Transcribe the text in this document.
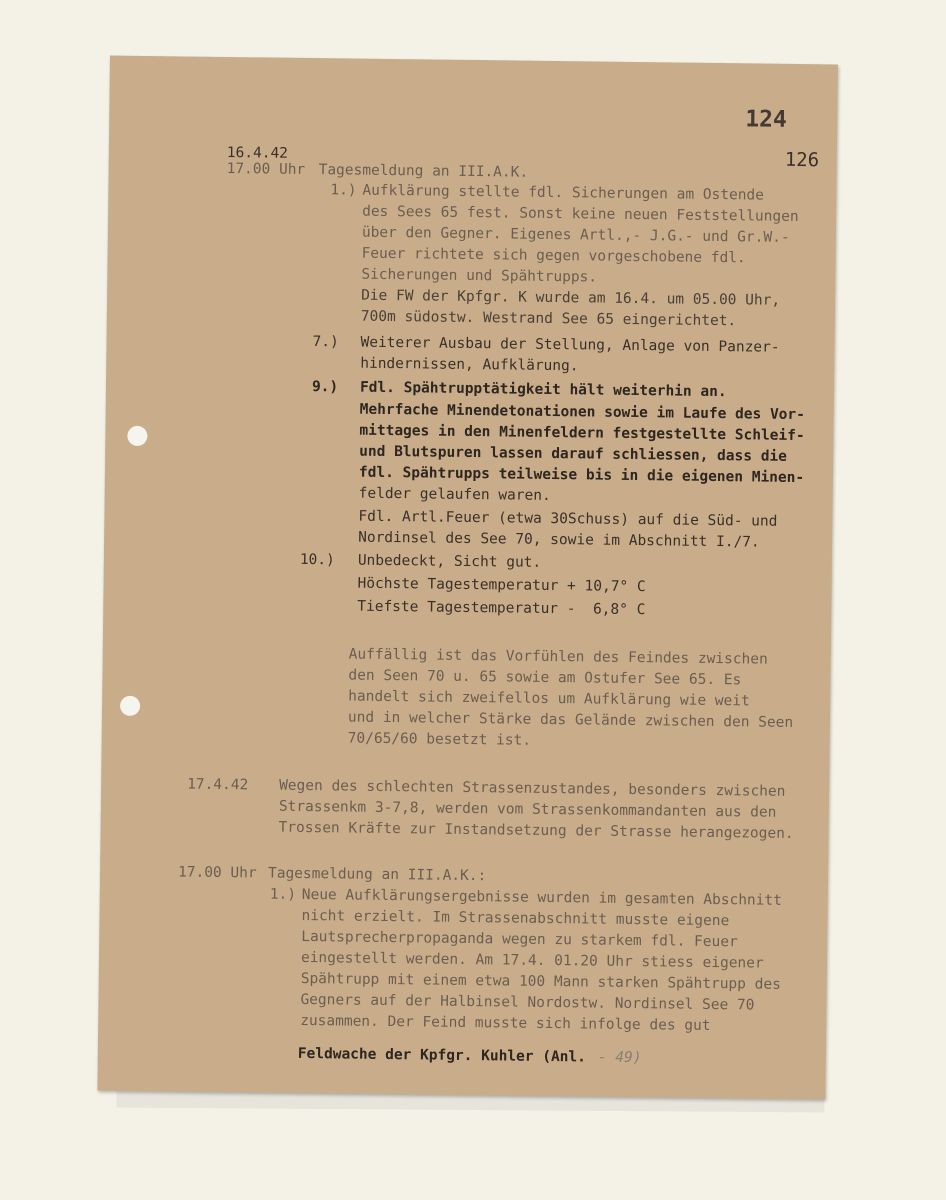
124
126
16.4.42
17.00 Uhr Tagesmeldung an III.A.K.
1.) Aufklärung stellte fdl. Sicherungen am Ostende
des Sees 65 fest. Sonst keine neuen Feststellungen
über den Gegner. Eigenes Artl.,- J.G.- und Gr.W.-
Feuer richtete sich gegen vorgeschobene fdl.
Sicherungen und Spähtrupps.
Die FW der Kpfgr. K wurde am 16.4. um 05.00 Uhr,
700m südostw. Westrand See 65 eingerichtet.
7.) Weiterer Ausbau der Stellung, Anlage von Panzer-
hindernissen, Aufklärung.
9.) Fdl. Spähtrupptätigkeit hält weiterhin an.
Mehrfache Minendetonationen sowie im Laufe des Vor-
mittages in den Minenfeldern festgestellte Schleif-
und Blutspuren lassen darauf schliessen, dass die
fdl. Spähtrupps teilweise bis in die eigenen Minen-
felder gelaufen waren.
Fdl. Artl.Feuer (etwa 30Schuss) auf die Süd- und
Nordinsel des See 70, sowie im Abschnitt I./7.
10.) Unbedeckt, Sicht gut.
Höchste Tagestemperatur + 10,7° C
Tiefste Tagestemperatur -  6,8° C
Auffällig ist das Vorfühlen des Feindes zwischen
den Seen 70 u. 65 sowie am Ostufer See 65. Es
handelt sich zweifellos um Aufklärung wie weit
und in welcher Stärke das Gelände zwischen den Seen
70/65/60 besetzt ist.
17.4.42 Wegen des schlechten Strassenzustandes, besonders zwischen
Strassenkm 3-7,8, werden vom Strassenkommandanten aus den
Trossen Kräfte zur Instandsetzung der Strasse herangezogen.
17.00 Uhr Tagesmeldung an III.A.K.:
1.) Neue Aufklärungsergebnisse wurden im gesamten Abschnitt
nicht erzielt. Im Strassenabschnitt musste eigene
Lautsprecherpropaganda wegen zu starkem fdl. Feuer
eingestellt werden. Am 17.4. 01.20 Uhr stiess eigener
Spähtrupp mit einem etwa 100 Mann starken Spähtrupp des
Gegners auf der Halbinsel Nordostw. Nordinsel See 70
zusammen. Der Feind musste sich infolge des gut
Feldwache der Kpfgr. Kuhler (Anl. - 49)
